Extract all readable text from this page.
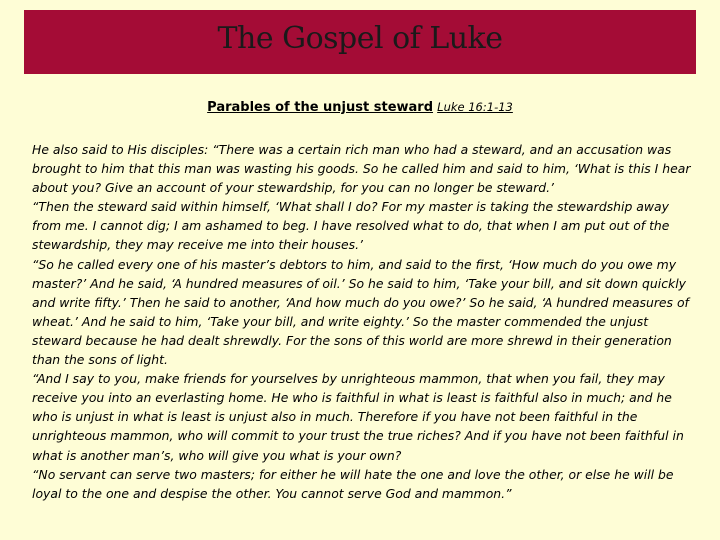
The Gospel of Luke
Parables of the unjust steward Luke 16:1-13

He also said to His disciples: “There was a certain rich man who had a steward, and an accusation was brought to him that this man was wasting his goods. So he called him and said to him, ‘What is this I hear about you? Give an account of your stewardship, for you can no longer be steward.’

“Then the steward said within himself, ‘What shall I do? For my master is taking the stewardship away from me. I cannot dig; I am ashamed to beg. I have resolved what to do, that when I am put out of the stewardship, they may receive me into their houses.’

“So he called every one of his master’s debtors to him, and said to the first, ‘How much do you owe my master?’ And he said, ‘A hundred measures of oil.’ So he said to him, ‘Take your bill, and sit down quickly and write fifty.’ Then he said to another, ‘And how much do you owe?’ So he said, ‘A hundred measures of wheat.’ And he said to him, ‘Take your bill, and write eighty.’ So the master commended the unjust steward because he had dealt shrewdly. For the sons of this world are more shrewd in their generation than the sons of light.

“And I say to you, make friends for yourselves by unrighteous mammon, that when you fail, they may receive you into an everlasting home. He who is faithful in what is least is faithful also in much; and he who is unjust in what is least is unjust also in much. Therefore if you have not been faithful in the unrighteous mammon, who will commit to your trust the true riches? And if you have not been faithful in what is another man’s, who will give you what is your own?

“No servant can serve two masters; for either he will hate the one and love the other, or else he will be loyal to the one and despise the other. You cannot serve God and mammon.”
